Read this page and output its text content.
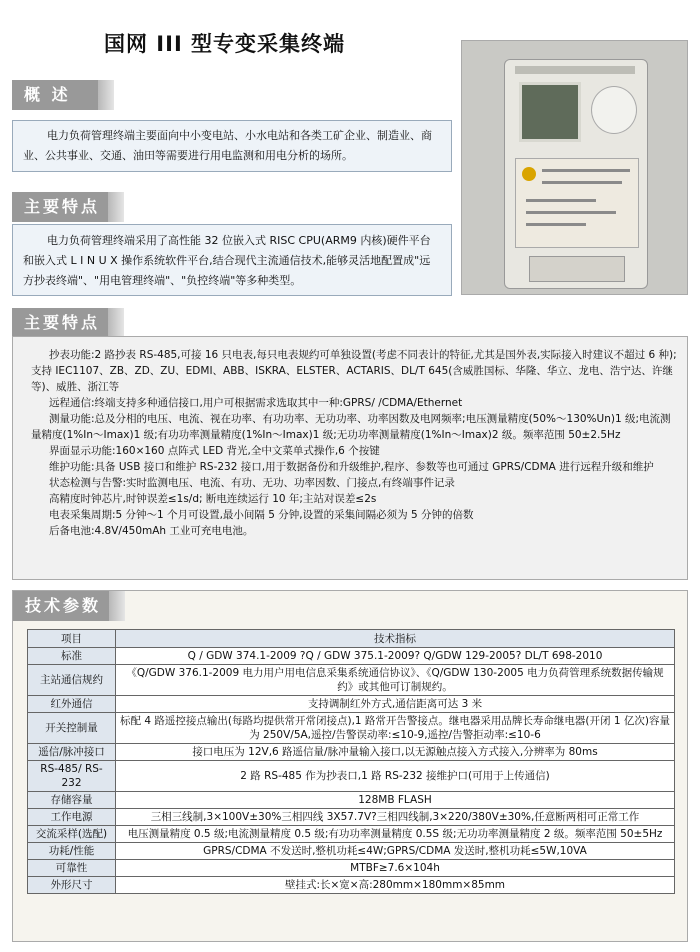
国网 III 型专变采集终端
概 述

电力负荷管理终端主要面向中小变电站、小水电站和各类工矿企业、制造业、商业、公共事业、交通、油田等需要进行用电监测和用电分析的场所。

主要特点

电力负荷管理终端采用了高性能 32 位嵌入式 RISC CPU(ARM9 内核)硬件平台和嵌入式 L I N U X 操作系统软件平台,结合现代主流通信技术,能够灵活地配置成"远方抄表终端"、"用电管理终端"、"负控终端"等多种类型。

主要特点

抄表功能:2 路抄表 RS-485,可接 16 只电表,每只电表规约可单独设置(考虑不同表计的特征,尤其是国外表,实际接入时建议不超过 6 种);支持 IEC1107、ZB、ZD、ZU、EDMI、ABB、ISKRA、ELSTER、ACTARIS、DL/T 645(含威胜国标、华隆、华立、龙电、浩宁达、许继等)、威胜、浙江等

远程通信:终端支持多种通信接口,用户可根据需求选取其中一种:GPRS/ /CDMA/Ethernet

测量功能:总及分相的电压、电流、视在功率、有功功率、无功功率、功率因数及电网频率;电压测量精度(50%～130%Un)1 级;电流测量精度(1%In～Imax)1 级;有功功率测量精度(1%In～Imax)1 级;无功功率测量精度(1%In～Imax)2 级。频率范围 50±2.5Hz

界面显示功能:160×160 点阵式 LED 背光,全中文菜单式操作,6 个按键

维护功能:具备 USB 接口和维护 RS-232 接口,用于数据备份和升级维护,程序、参数等也可通过 GPRS/CDMA 进行远程升级和维护

状态检测与告警:实时监测电压、电流、有功、无功、功率因数、门接点,有终端事件记录

高精度时钟芯片,时钟误差≤1s/d; 断电连续运行 10 年;主站对误差≤2s

电表采集周期:5 分钟～1 个月可设置,最小间隔 5 分钟,设置的采集间隔必须为 5 分钟的倍数

后备电池:4.8V/450mAh 工业可充电电池。

技术参数
项目	技术指标
标准	Q / GDW 374.1-2009 ?Q / GDW 375.1-2009? Q/GDW 129-2005? DL/T 698-2010
主站通信规约	《Q/GDW 376.1-2009 电力用户用电信息采集系统通信协议》、《Q/GDW 130-2005 电力负荷管理系统数据传输规约》或其他可订制规约。
红外通信	支持调制红外方式,通信距离可达 3 米
开关控制量	标配 4 路遥控接点输出(每路均提供常开常闭接点),1 路常开告警接点。继电器采用品牌长寿命继电器(开闭 1 亿次)容量为 250V/5A,遥控/告警误动率:≤10-9,遥控/告警拒动率:≤10-6
遥信/脉冲接口	接口电压为 12V,6 路遥信量/脉冲量输入接口,以无源触点接入方式接入,分辨率为 80ms
RS-485/ RS-232	2 路 RS-485 作为抄表口,1 路 RS-232 接维护口(可用于上传通信)
存储容量	128MB FLASH
工作电源	三相三线制,3×100V±30%三相四线 3X57.7V?三相四线制,3×220/380V±30%,任意断两相可正常工作
交流采样(选配)	电压测量精度 0.5 级;电流测量精度 0.5 级;有功功率测量精度 0.5S 级;无功功率测量精度 2 级。频率范围 50±5Hz
功耗/性能	GPRS/CDMA 不发送时,整机功耗≤4W;GPRS/CDMA 发送时,整机功耗≤5W,10VA
可靠性	MTBF≥7.6×104h
外形尺寸	壁挂式:长×宽×高:280mm×180mm×85mm
